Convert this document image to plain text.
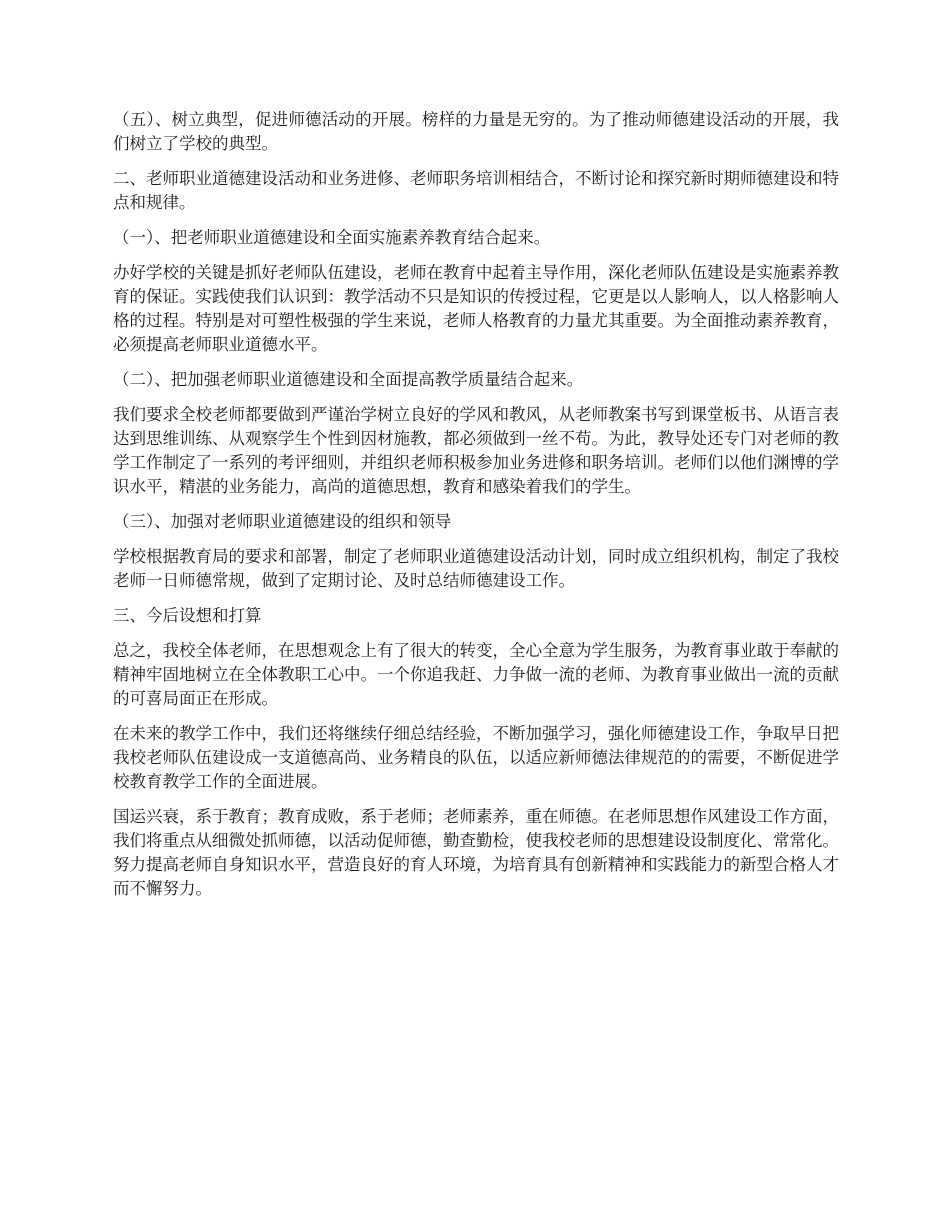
（五）、树立典型，促进师德活动的开展。榜样的力量是无穷的。为了推动师德建设活动的开展，我们树立了学校的典型。

二、老师职业道德建设活动和业务进修、老师职务培训相结合，不断讨论和探究新时期师德建设和特点和规律。

（一）、把老师职业道德建设和全面实施素养教育结合起来。

办好学校的关键是抓好老师队伍建设，老师在教育中起着主导作用，深化老师队伍建设是实施素养教育的保证。实践使我们认识到：教学活动不只是知识的传授过程，它更是以人影响人，以人格影响人格的过程。特别是对可塑性极强的学生来说，老师人格教育的力量尤其重要。为全面推动素养教育，必须提高老师职业道德水平。

（二）、把加强老师职业道德建设和全面提高教学质量结合起来。

我们要求全校老师都要做到严谨治学树立良好的学风和教风，从老师教案书写到课堂板书、从语言表达到思维训练、从观察学生个性到因材施教，都必须做到一丝不苟。为此，教导处还专门对老师的教学工作制定了一系列的考评细则，并组织老师积极参加业务进修和职务培训。老师们以他们渊博的学识水平，精湛的业务能力，高尚的道德思想，教育和感染着我们的学生。

（三）、加强对老师职业道德建设的组织和领导

学校根据教育局的要求和部署，制定了老师职业道德建设活动计划，同时成立组织机构，制定了我校老师一日师德常规，做到了定期讨论、及时总结师德建设工作。

三、今后设想和打算

总之，我校全体老师，在思想观念上有了很大的转变，全心全意为学生服务，为教育事业敢于奉献的精神牢固地树立在全体教职工心中。一个你追我赶、力争做一流的老师、为教育事业做出一流的贡献的可喜局面正在形成。

在未来的教学工作中，我们还将继续仔细总结经验，不断加强学习，强化师德建设工作，争取早日把我校老师队伍建设成一支道德高尚、业务精良的队伍，以适应新师德法律规范的的需要，不断促进学校教育教学工作的全面进展。

国运兴衰，系于教育；教育成败，系于老师；老师素养，重在师德。在老师思想作风建设工作方面，我们将重点从细微处抓师德，以活动促师德，勤查勤检，使我校老师的思想建设设制度化、常常化。努力提高老师自身知识水平，营造良好的育人环境，为培育具有创新精神和实践能力的新型合格人才而不懈努力。
